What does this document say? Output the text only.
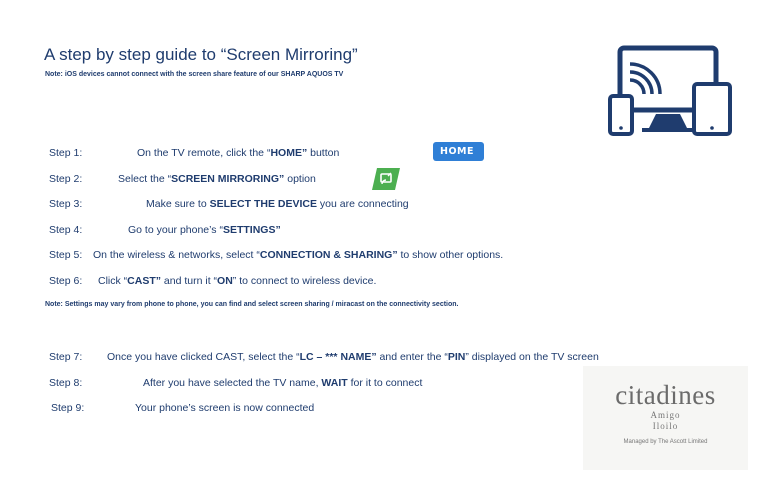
A step by step guide to “Screen Mirroring”
Note: iOS devices cannot connect with the screen share feature of our SHARP AQUOS TV
Step 1:	On the TV remote, click the “HOME” button	HOME
Step 2:	Select the “SCREEN MIRRORING” option
Step 3:	Make sure to SELECT THE DEVICE you are connecting
Step 4:	Go to your phone’s “SETTINGS”
Step 5: On the wireless & networks, select “CONNECTION & SHARING” to show other options.
Step 6: Click “CAST” and turn it “ON” to connect to wireless device.
Note: Settings may vary from phone to phone, you can find and select screen sharing / miracast on the connectivity section.
Step 7: Once you have clicked CAST, select the “LC – *** NAME” and enter the “PIN” displayed on the TV screen
Step 8:	After you have selected the TV name, WAIT for it to connect
Step 9:	Your phone’s screen is now connected	citadines
Amigo
Iloilo
Managed by The Ascott Limited
